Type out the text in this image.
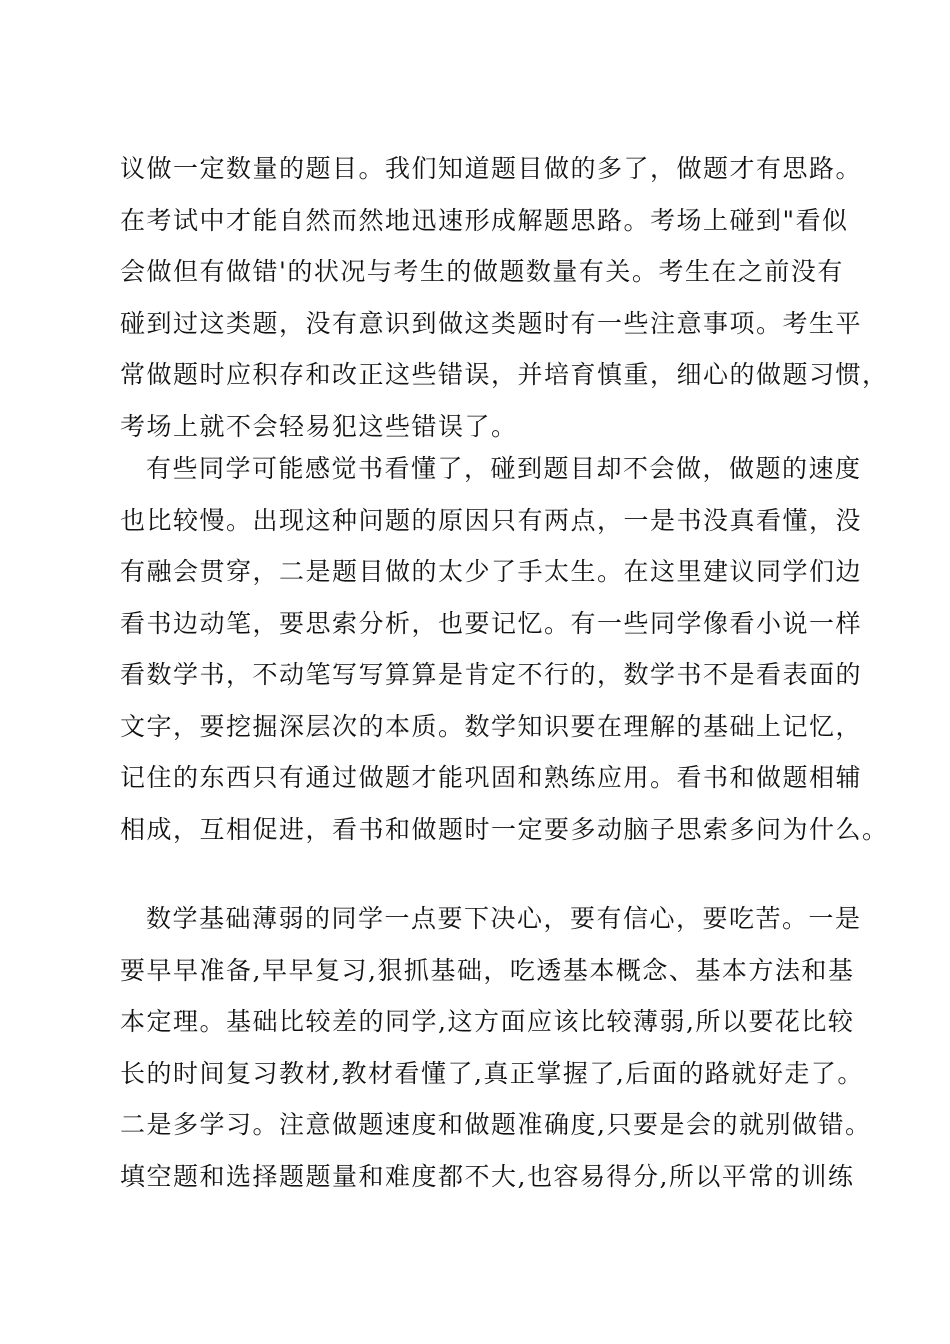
议做一定数量的题目。我们知道题目做的多了，做题才有思路。
在考试中才能自然而然地迅速形成解题思路。考场上碰到"看似
会做但有做错'的状况与考生的做题数量有关。考生在之前没有
碰到过这类题，没有意识到做这类题时有一些注意事项。考生平
常做题时应积存和改正这些错误，并培育慎重，细心的做题习惯，
考场上就不会轻易犯这些错误了。
有些同学可能感觉书看懂了，碰到题目却不会做，做题的速度
也比较慢。出现这种问题的原因只有两点，一是书没真看懂，没
有融会贯穿，二是题目做的太少了手太生。在这里建议同学们边
看书边动笔，要思索分析，也要记忆。有一些同学像看小说一样
看数学书，不动笔写写算算是肯定不行的，数学书不是看表面的
文字，要挖掘深层次的本质。数学知识要在理解的基础上记忆，
记住的东西只有通过做题才能巩固和熟练应用。看书和做题相辅
相成，互相促进，看书和做题时一定要多动脑子思索多问为什么。
数学基础薄弱的同学一点要下决心，要有信心，要吃苦。一是
要早早准备,早早复习,狠抓基础，吃透基本概念、基本方法和基
本定理。基础比较差的同学,这方面应该比较薄弱,所以要花比较
长的时间复习教材,教材看懂了,真正掌握了,后面的路就好走了。
二是多学习。注意做题速度和做题准确度,只要是会的就别做错。
填空题和选择题题量和难度都不大,也容易得分,所以平常的训练
